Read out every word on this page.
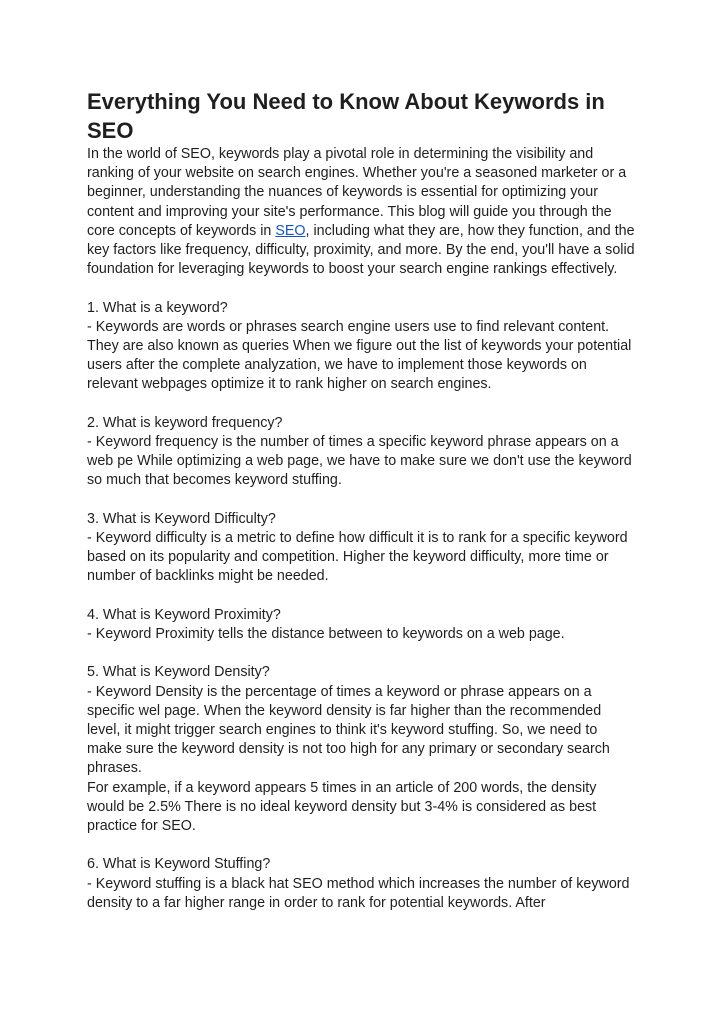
Everything You Need to Know About Keywords in SEO

In the world of SEO, keywords play a pivotal role in determining the visibility and ranking of your website on search engines. Whether you're a seasoned marketer or a beginner, understanding the nuances of keywords is essential for optimizing your content and improving your site's performance. This blog will guide you through the core concepts of keywords in SEO, including what they are, how they function, and the key factors like frequency, difficulty, proximity, and more. By the end, you'll have a solid foundation for leveraging keywords to boost your search engine rankings effectively.

1. What is a keyword?

- Keywords are words or phrases search engine users use to find relevant content. They are also known as queries When we figure out the list of keywords your potential users after the complete analyzation, we have to implement those keywords on relevant webpages optimize it to rank higher on search engines.

2. What is keyword frequency?

- Keyword frequency is the number of times a specific keyword phrase appears on a web pe While optimizing a web page, we have to make sure we don't use the keyword so much that becomes keyword stuffing.

3. What is Keyword Difficulty?

- Keyword difficulty is a metric to define how difficult it is to rank for a specific keyword based on its popularity and competition. Higher the keyword difficulty, more time or number of backlinks might be needed.

4. What is Keyword Proximity?

- Keyword Proximity tells the distance between to keywords on a web page.

5. What is Keyword Density?

- Keyword Density is the percentage of times a keyword or phrase appears on a specific wel page. When the keyword density is far higher than the recommended level, it might trigger search engines to think it's keyword stuffing. So, we need to make sure the keyword density is not too high for any primary or secondary search phrases.

For example, if a keyword appears 5 times in an article of 200 words, the density would be 2.5% There is no ideal keyword density but 3-4% is considered as best practice for SEO.

6. What is Keyword Stuffing?

- Keyword stuffing is a black hat SEO method which increases the number of keyword density to a far higher range in order to rank for potential keywords. After
